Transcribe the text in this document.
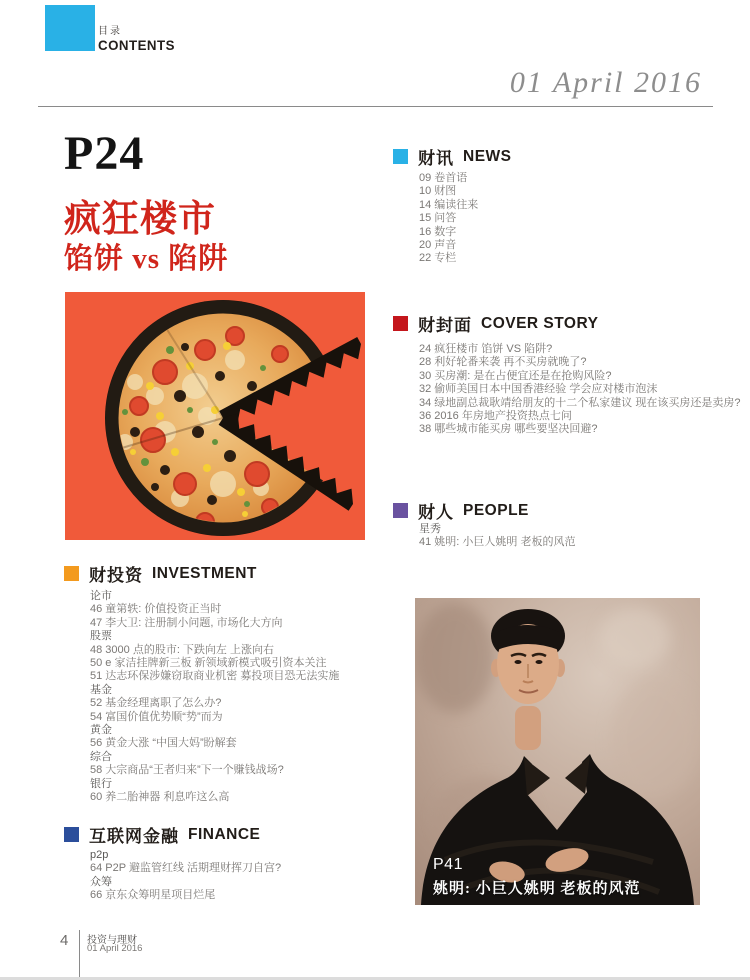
目录
CONTENTS
01 April 2016
P24
疯狂楼市
馅饼 vs 陷阱
财讯 NEWS
09 卷首语
10 财图
14 编读往来
15 问答
16 数字
20 声音
22 专栏
财封面 COVER STORY
24 疯狂楼市 馅饼 VS 陷阱?
28 利好轮番来袭 再不买房就晚了?
30 买房潮: 是在占便宜还是在抢购风险?
32 偷师美国日本中国香港经验 学会应对楼市泡沫
34 绿地副总裁耿靖给朋友的十二个私家建议 现在该买房还是卖房?
36 2016 年房地产投资热点七问
38 哪些城市能买房 哪些要坚决回避?
财人 PEOPLE
星秀
41 姚明: 小巨人姚明 老板的风范
P41
姚明: 小巨人姚明 老板的风范
财投资 INVESTMENT
论市
46 童第轶: 价值投资正当时
47 李大卫: 注册制小问题, 市场化大方向
股票
48 3000 点的股市: 下跌向左 上涨向右
50 e 家洁挂牌新三板 新领域新模式吸引资本关注
51 达志环保涉嫌窃取商业机密 募投项目恐无法实施
基金
52 基金经理离职了怎么办?
54 富国价值优势顺“势”而为
黄金
56 黄金大涨 “中国大妈”盼解套
综合
58 大宗商品“王者归来”下一个赚钱战场?
银行
60 养二胎神器 利息咋这么高
互联网金融 FINANCE
p2p
64 P2P 避监管红线 活期理财挥刀自宫?
众筹
66 京东众筹明星项目烂尾
4 投资与理财
01 April 2016
